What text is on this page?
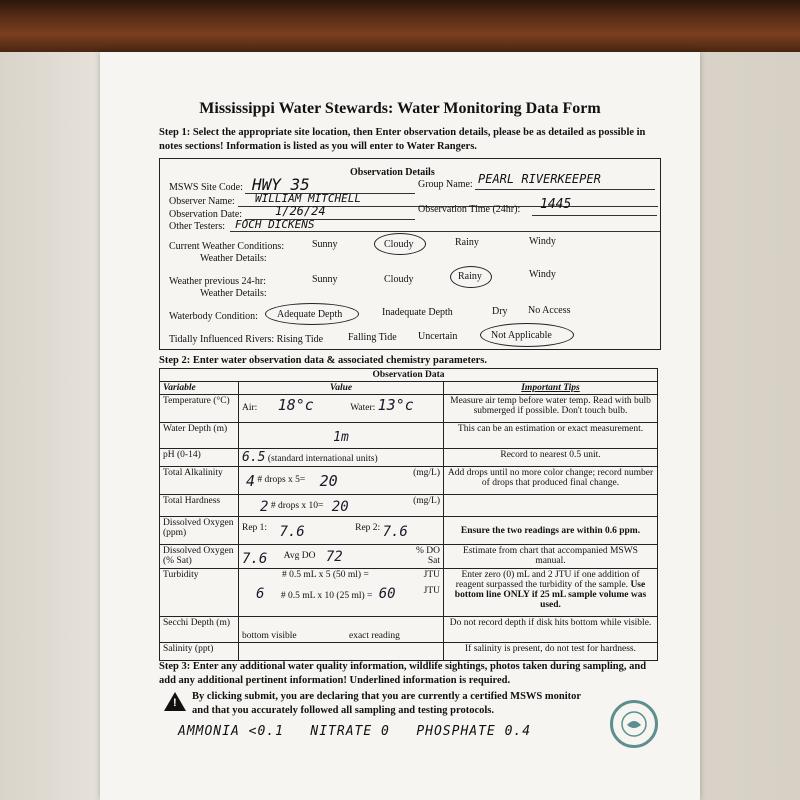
Mississippi Water Stewards: Water Monitoring Data Form
Step 1: Select the appropriate site location, then Enter observation details, please be as detailed as possible in notes sections! Information is listed as you will enter to Water Rangers.
Observation Details
MSWS Site Code: HWY 35	Group Name: PEARL RIVERKEEPER
Observer Name: WILLIAM MITCHELL
Observation Date:	1/26/24	Observation Time (24hr): 1445
Other Testers: FOCH DICKENS
Current Weather Conditions:
Weather Details:
Sunny	Cloudy	Rainy	Windy
Weather previous 24-hr:
Weather Details:
Sunny	Cloudy	Rainy	Windy
Waterbody Condition: Adequate Depth	Inadequate Depth	Dry No Access
Tidally Influenced Rivers: Rising Tide Falling Tide Uncertain	Not Applicable
Step 2: Enter water observation data & associated chemistry parameters.
Observation Data		
Variable	Value	Important Tips
Temperature (°C)	Air: 18°c Water: 13°c	Measure air temp before water temp. Read with bulb submerged if possible. Don't touch bulb.
Water Depth (m)	1m	This can be an estimation or exact measurement.
pH (0-14)	6.5 (standard international units)	Record to nearest 0.5 unit.
Total Alkalinity	4 # drops x 5= 20 (mg/L)	Add drops until no more color change; record number of drops that produced final change.
Total Hardness	2 # drops x 10= 20 (mg/L)	

Dissolved Oxygen (ppm)	Rep 1: 7.6 Rep 2: 7.6	Ensure the two readings are within 0.6 ppm.
Dissolved Oxygen (% Sat)	7.6 Avg DO 72 % DO Sat	Estimate from chart that accompanied MSWS manual.
Turbidity	# 0.5 mL x 5 (50 ml) = JTU
6 # 0.5 mL x 10 (25 ml) = 60 JTU	Enter zero (0) mL and 2 JTU if one addition of reagent surpassed the turbidity of the sample. Use bottom line ONLY if 25 mL sample volume was used.
Secchi Depth (m)	bottom visible exact reading	Do not record depth if disk hits bottom while visible.
Salinity (ppt)		If salinity is present, do not test for hardness.
Step 3: Enter any additional water quality information, wildlife sightings, photos taken during sampling, and add any additional pertinent information! Underlined information is required.
!
By clicking submit, you are declaring that you are currently a certified MSWS monitor and that you accurately followed all sampling and testing protocols.
AMMONIA <0.1   NITRATE 0   PHOSPHATE 0.4
